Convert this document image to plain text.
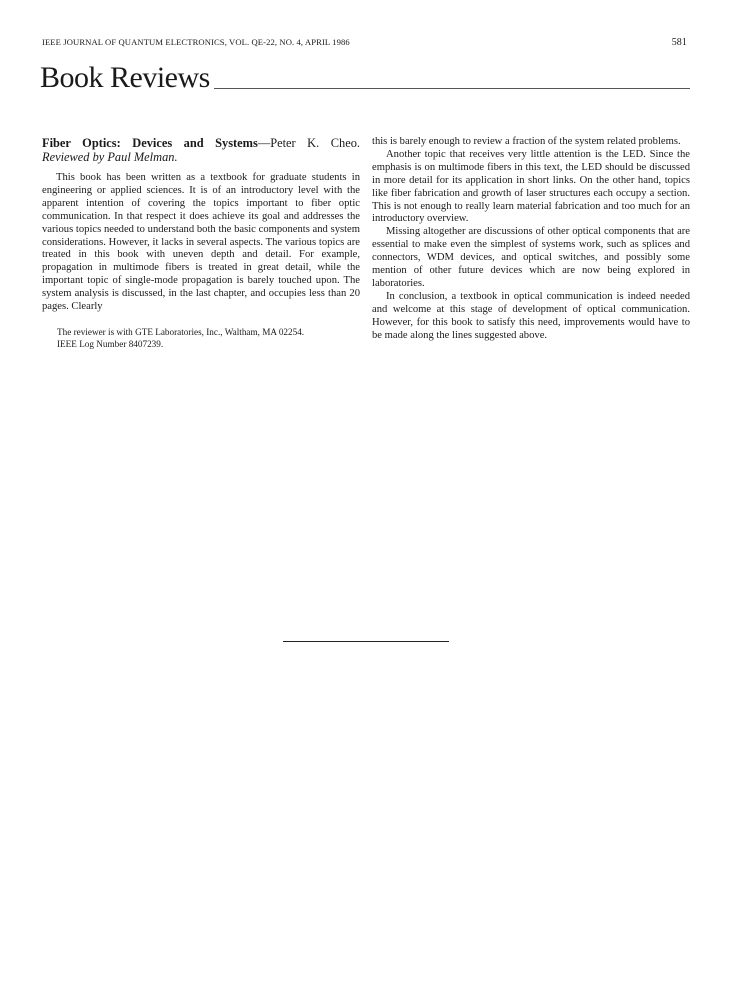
IEEE JOURNAL OF QUANTUM ELECTRONICS, VOL. QE-22, NO. 4, APRIL 1986	581
Book Reviews
Fiber Optics: Devices and Systems—Peter K. Cheo.
Reviewed by Paul Melman.

This book has been written as a textbook for graduate students in engineering or applied sciences. It is of an introductory level with the apparent intention of covering the topics important to fiber optic communication. In that respect it does achieve its goal and addresses the various topics needed to understand both the basic components and system considerations. However, it lacks in several aspects. The various topics are treated in this book with uneven depth and detail. For example, propagation in multimode fibers is treated in great detail, while the important topic of single-mode propagation is barely touched upon. The system analysis is discussed, in the last chapter, and occupies less than 20 pages. Clearly

The reviewer is with GTE Laboratories, Inc., Waltham, MA 02254.
IEEE Log Number 8407239.

this is barely enough to review a fraction of the system related problems.

Another topic that receives very little attention is the LED. Since the emphasis is on multimode fibers in this text, the LED should be discussed in more detail for its application in short links. On the other hand, topics like fiber fabrication and growth of laser structures each occupy a section. This is not enough to really learn material fabrication and too much for an introductory overview.

Missing altogether are discussions of other optical components that are essential to make even the simplest of systems work, such as splices and connectors, WDM devices, and optical switches, and possibly some mention of other future devices which are now being explored in laboratories.

In conclusion, a textbook in optical communication is indeed needed and welcome at this stage of development of optical communication. However, for this book to satisfy this need, improvements would have to be made along the lines suggested above.
